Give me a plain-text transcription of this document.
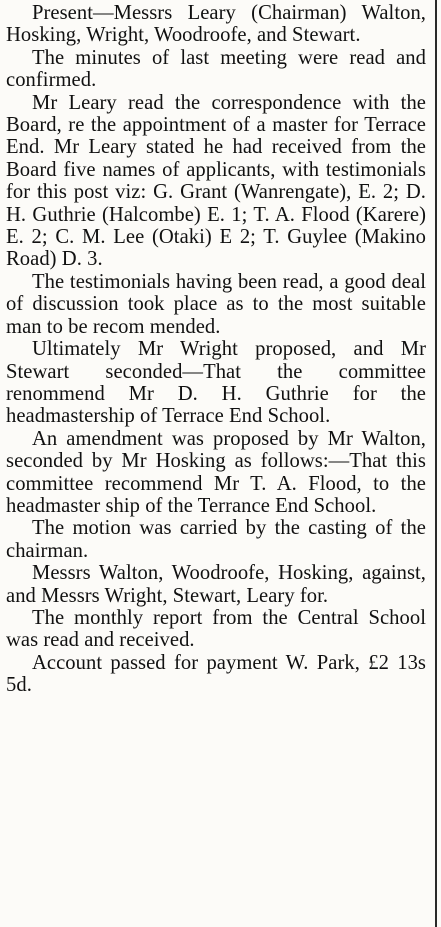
Present—Messrs Leary (Chairman) Walton, Hosking, Wright, Woodroofe, and Stewart.

The minutes of last meeting were read and confirmed.

Mr Leary read the correspondence with the Board, re the appointment of a master for Terrace End. Mr Leary stated he had received from the Board five names of applicants, with testimonials for this post viz: G. Grant (Wanrengate), E. 2; D. H. Guthrie (Halcombe) E. 1; T. A. Flood (Karere) E. 2; C. M. Lee (Otaki) E 2; T. Guylee (Makino Road) D. 3.

The testimonials having been read, a good deal of discussion took place as to the most suitable man to be recom mended.

Ultimately Mr Wright proposed, and Mr Stewart seconded—That the committee renommend Mr D. H. Guthrie for the headmastership of Terrace End School.

An amendment was proposed by Mr Walton, seconded by Mr Hosking as follows:—That this committee recommend Mr T. A. Flood, to the headmaster ship of the Terrance End School.

The motion was carried by the casting of the chairman.

Messrs Walton, Woodroofe, Hosking, against, and Messrs Wright, Stewart, Leary for.

The monthly report from the Central School was read and received.

Account passed for payment W. Park, £2 13s 5d.
